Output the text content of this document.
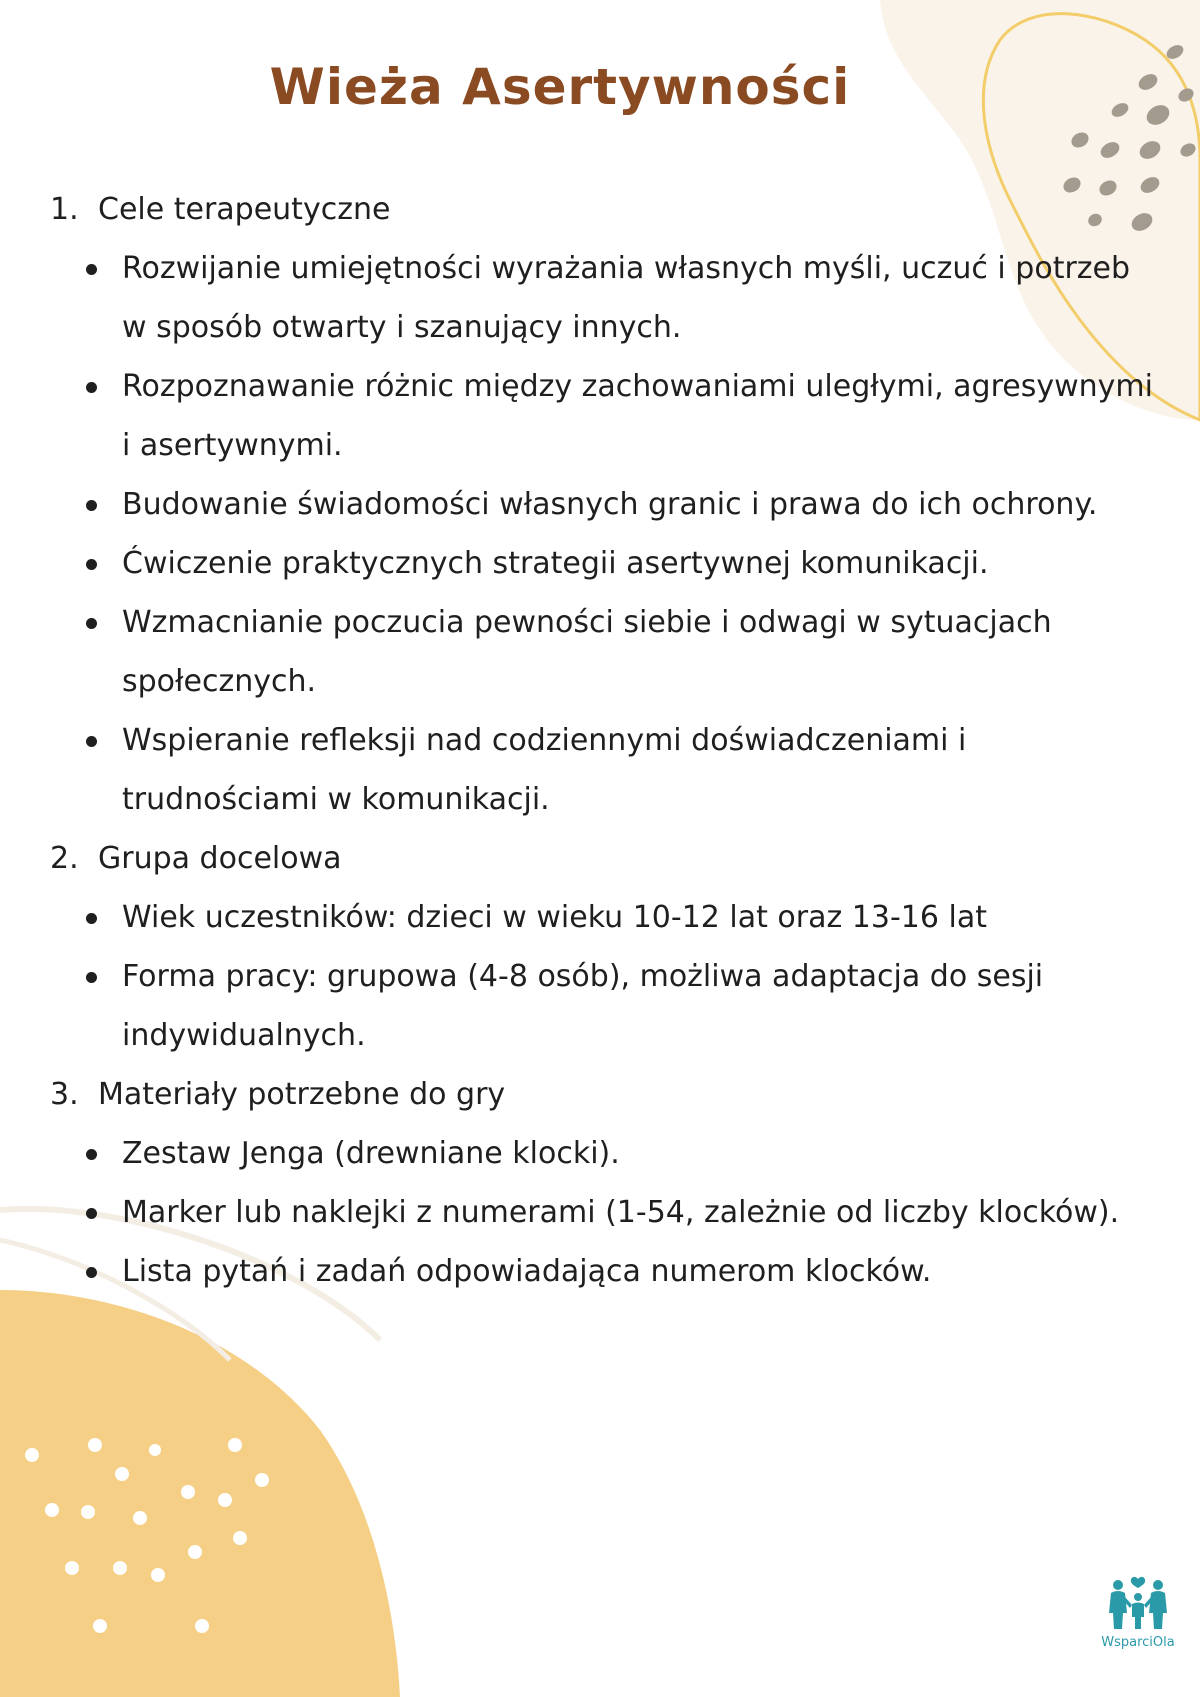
Wieża Asertywności

1. Cele terapeutyczne

Rozwijanie umiejętności wyrażania własnych myśli, uczuć i potrzeb w sposób otwarty i szanujący innych.
Rozpoznawanie różnic między zachowaniami uległymi, agresywnymi i asertywnymi.
Budowanie świadomości własnych granic i prawa do ich ochrony.
Ćwiczenie praktycznych strategii asertywnej komunikacji.
Wzmacnianie poczucia pewności siebie i odwagi w sytuacjach społecznych.
Wspieranie refleksji nad codziennymi doświadczeniami i trudnościami w komunikacji.

2. Grupa docelowa

Wiek uczestników: dzieci w wieku 10-12 lat oraz 13-16 lat
Forma pracy: grupowa (4-8 osób), możliwa adaptacja do sesji indywidualnych.

3. Materiały potrzebne do gry

Zestaw Jenga (drewniane klocki).
Marker lub naklejki z numerami (1-54, zależnie od liczby klocków).
Lista pytań i zadań odpowiadająca numerom klocków.
WsparciOla
